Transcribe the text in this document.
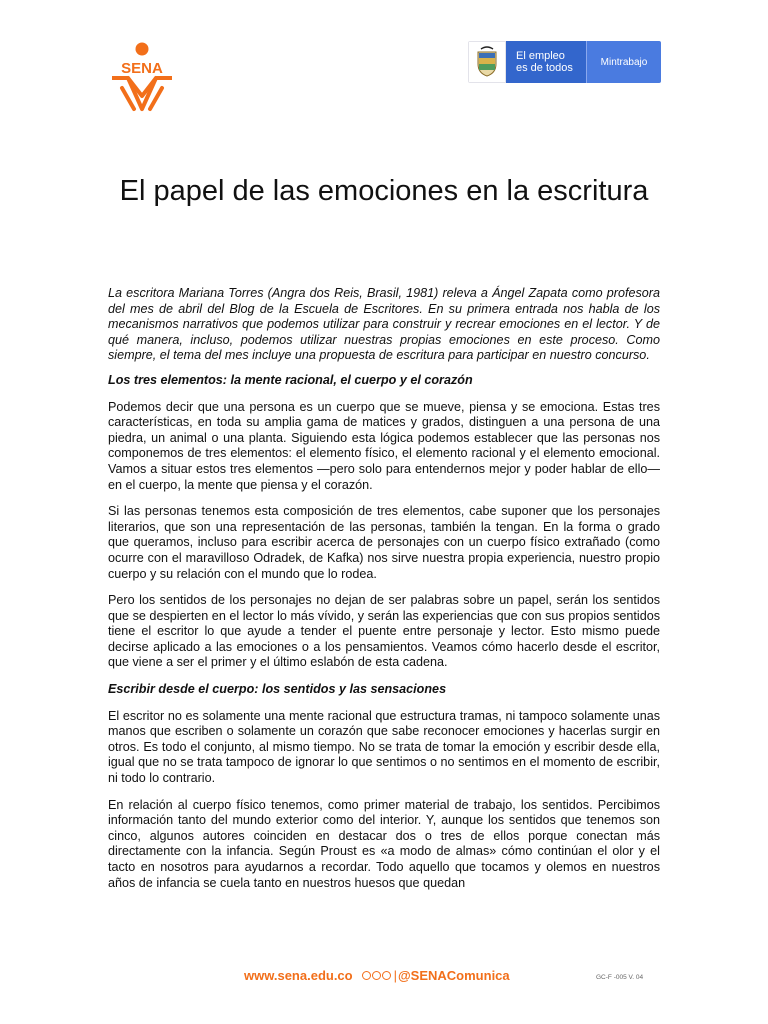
SENA
El empleo
es de todos	Mintrabajo
El papel de las emociones en la escritura

La escritora Mariana Torres (Angra dos Reis, Brasil, 1981) releva a Ángel Zapata como profesora del mes de abril del Blog de la Escuela de Escritores. En su primera entrada nos habla de los mecanismos narrativos que podemos utilizar para construir y recrear emociones en el lector. Y de qué manera, incluso, podemos utilizar nuestras propias emociones en este proceso. Como siempre, el tema del mes incluye una propuesta de escritura para participar en nuestro concurso.

Los tres elementos: la mente racional, el cuerpo y el corazón

Podemos decir que una persona es un cuerpo que se mueve, piensa y se emociona. Estas tres características, en toda su amplia gama de matices y grados, distinguen a una persona de una piedra, un animal o una planta. Siguiendo esta lógica podemos establecer que las personas nos componemos de tres elementos: el elemento físico, el elemento racional y el elemento emocional. Vamos a situar estos tres elementos —pero solo para entendernos mejor y poder hablar de ello— en el cuerpo, la mente que piensa y el corazón.

Si las personas tenemos esta composición de tres elementos, cabe suponer que los personajes literarios, que son una representación de las personas, también la tengan. En la forma o grado que queramos, incluso para escribir acerca de personajes con un cuerpo físico extrañado (como ocurre con el maravilloso Odradek, de Kafka) nos sirve nuestra propia experiencia, nuestro propio cuerpo y su relación con el mundo que lo rodea.

Pero los sentidos de los personajes no dejan de ser palabras sobre un papel, serán los sentidos que se despierten en el lector lo más vívido, y serán las experiencias que con sus propios sentidos tiene el escritor lo que ayude a tender el puente entre personaje y lector. Esto mismo puede decirse aplicado a las emociones o a los pensamientos. Veamos cómo hacerlo desde el escritor, que viene a ser el primer y el último eslabón de esta cadena.

Escribir desde el cuerpo: los sentidos y las sensaciones

El escritor no es solamente una mente racional que estructura tramas, ni tampoco solamente unas manos que escriben o solamente un corazón que sabe reconocer emociones y hacerlas surgir en otros. Es todo el conjunto, al mismo tiempo. No se trata de tomar la emoción y escribir desde ella, igual que no se trata tampoco de ignorar lo que sentimos o no sentimos en el momento de escribir, ni todo lo contrario.

En relación al cuerpo físico tenemos, como primer material de trabajo, los sentidos. Percibimos información tanto del mundo exterior como del interior. Y, aunque los sentidos que tenemos son cinco, algunos autores coinciden en destacar dos o tres de ellos porque conectan más directamente con la infancia. Según Proust es «a modo de almas» cómo continúan el olor y el tacto en nosotros para ayudarnos a recordar. Todo aquello que tocamos y olemos en nuestros años de infancia se cuela tanto en nuestros huesos que quedan

www.sena.edu.co	| @SENAComunica	GC-F -005 V. 04
